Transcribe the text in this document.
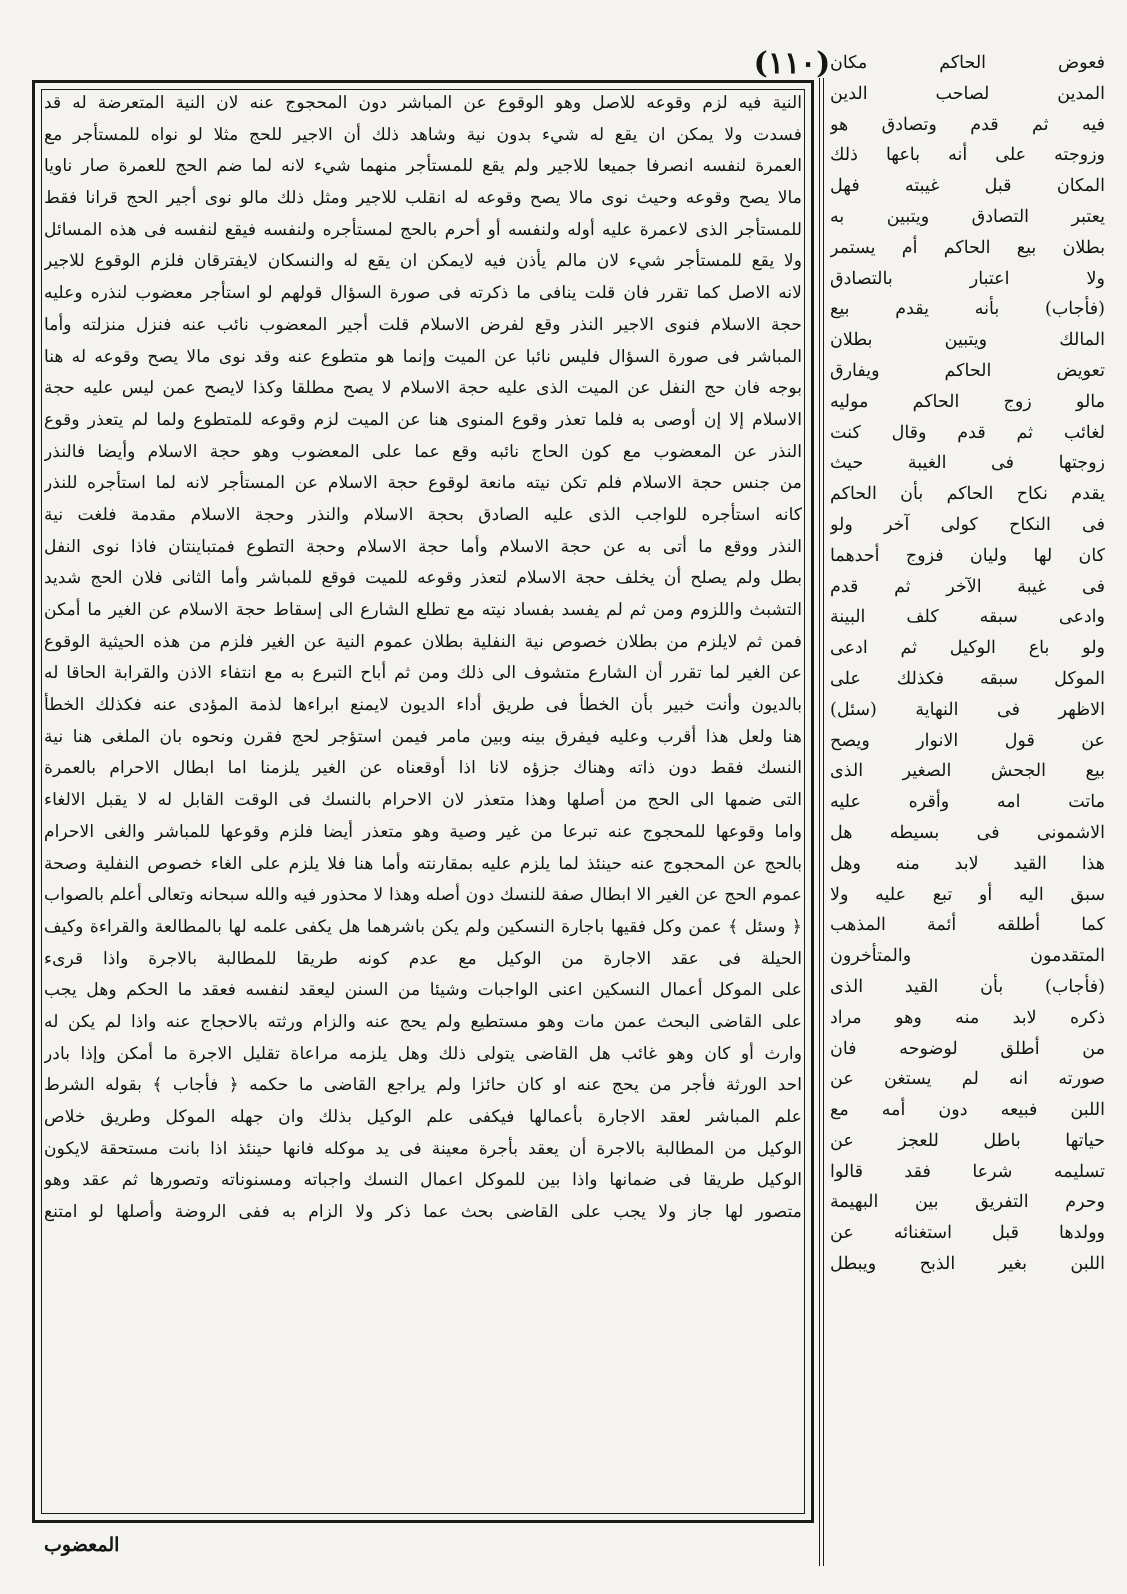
(١١٠)
النية فيه لزم وقوعه للاصل وهو الوقوع عن المباشر دون المحجوج عنه لان النية المتعرضة له قد
فسدت ولا يمكن ان يقع له شيء بدون نية وشاهد ذلك أن الاجير للحج مثلا لو نواه للمستأجر مع
العمرة لنفسه انصرفا جميعا للاجير ولم يقع للمستأجر منهما شيء لانه لما ضم الحج للعمرة صار ناويا
مالا يصح وقوعه وحيث نوى مالا يصح وقوعه له انقلب للاجير ومثل ذلك مالو نوى أجير الحج قرانا فقط
للمستأجر الذى لاعمرة عليه أوله ولنفسه أو أحرم بالحج لمستأجره ولنفسه فيقع لنفسه فى هذه المسائل
ولا يقع للمستأجر شيء لان مالم يأذن فيه لايمكن ان يقع له والنسكان لايفترقان فلزم الوقوع للاجير
لانه الاصل كما تقرر فان قلت ينافى ما ذكرته فى صورة السؤال قولهم لو استأجر معضوب لنذره وعليه
حجة الاسلام فنوى الاجير النذر وقع لفرض الاسلام قلت أجير المعضوب نائب عنه فنزل منزلته وأما
المباشر فى صورة السؤال فليس نائبا عن الميت وإنما هو متطوع عنه وقد نوى مالا يصح وقوعه له هنا
بوجه فان حج النفل عن الميت الذى عليه حجة الاسلام لا يصح مطلقا وكذا لايصح عمن ليس عليه حجة
الاسلام إلا إن أوصى به فلما تعذر وقوع المنوى هنا عن الميت لزم وقوعه للمتطوع ولما لم يتعذر وقوع
النذر عن المعضوب مع كون الحاج نائبه وقع عما على المعضوب وهو حجة الاسلام وأيضا فالنذر
من جنس حجة الاسلام فلم تكن نيته مانعة لوقوع حجة الاسلام عن المستأجر لانه لما استأجره للنذر
كانه استأجره للواجب الذى عليه الصادق بحجة الاسلام والنذر وحجة الاسلام مقدمة فلغت نية
النذر ووقع ما أتى به عن حجة الاسلام وأما حجة الاسلام وحجة التطوع فمتباينتان فاذا نوى النفل
بطل ولم يصلح أن يخلف حجة الاسلام لتعذر وقوعه للميت فوقع للمباشر وأما الثانى فلان الحج شديد
التشبث واللزوم ومن ثم لم يفسد بفساد نيته مع تطلع الشارع الى إسقاط حجة الاسلام عن الغير ما أمكن
فمن ثم لايلزم من بطلان خصوص نية النفلية بطلان عموم النية عن الغير فلزم من هذه الحيثية الوقوع
عن الغير لما تقرر أن الشارع متشوف الى ذلك ومن ثم أباح التبرع به مع انتفاء الاذن والقرابة الحاقا له
بالديون وأنت خبير بأن الخطأ فى طريق أداء الديون لايمنع ابراءها لذمة المؤدى عنه فكذلك الخطأ
هنا ولعل هذا أقرب وعليه فيفرق بينه وبين مامر فيمن استؤجر لحج فقرن ونحوه بان الملغى هنا نية
النسك فقط دون ذاته وهناك جزؤه لانا اذا أوقعناه عن الغير يلزمنا اما ابطال الاحرام بالعمرة
التى ضمها الى الحج من أصلها وهذا متعذر لان الاحرام بالنسك فى الوقت القابل له لا يقبل الالغاء
واما وقوعها للمحجوج عنه تبرعا من غير وصية وهو متعذر أيضا فلزم وقوعها للمباشر والغى الاحرام
بالحج عن المحجوج عنه حينئذ لما يلزم عليه بمقارنته وأما هنا فلا يلزم على الغاء خصوص النفلية وصحة
عموم الحج عن الغير الا ابطال صفة للنسك دون أصله وهذا لا محذور فيه والله سبحانه وتعالى أعلم بالصواب
﴿ وسئل ﴾ عمن وكل فقيها باجارة النسكين ولم يكن باشرهما هل يكفى علمه لها بالمطالعة والقراءة وكيف
الحيلة فى عقد الاجارة من الوكيل مع عدم كونه طريقا للمطالبة بالاجرة واذا قرىء
على الموكل أعمال النسكين اعنى الواجبات وشيئا من السنن ليعقد لنفسه فعقد ما الحكم وهل يجب
على القاضى البحث عمن مات وهو مستطيع ولم يحج عنه والزام ورثته بالاحجاج عنه واذا لم يكن له
وارث أو كان وهو غائب هل القاضى يتولى ذلك وهل يلزمه مراعاة تقليل الاجرة ما أمكن وإذا بادر
احد الورثة فأجر من يحج عنه او كان حائزا ولم يراجع القاضى ما حكمه ﴿ فأجاب ﴾ بقوله الشرط
علم المباشر لعقد الاجارة بأعمالها فيكفى علم الوكيل بذلك وان جهله الموكل وطريق خلاص
الوكيل من المطالبة بالاجرة أن يعقد بأجرة معينة فى يد موكله فانها حينئذ اذا بانت مستحقة لايكون
الوكيل طريقا فى ضمانها واذا بين للموكل اعمال النسك واجباته ومسنوناته وتصورها ثم عقد وهو
متصور لها جاز ولا يجب على القاضى بحث عما ذكر ولا الزام به ففى الروضة وأصلها لو امتنع
فعوض الحاكم مكان
المدين لصاحب الدين
فيه ثم قدم وتصادق هو
وزوجته على أنه باعها ذلك
المكان قبل غيبته فهل
يعتبر التصادق ويتبين به
بطلان بيع الحاكم أم يستمر
ولا اعتبار بالتصادق
(فأجاب) بأنه يقدم بيع
المالك ويتبين بطلان
تعويض الحاكم ويفارق
مالو زوج الحاكم موليه
لغائب ثم قدم وقال كنت
زوجتها فى الغيبة حيث
يقدم نكاح الحاكم بأن الحاكم
فى النكاح كولى آخر ولو
كان لها وليان فزوج أحدهما
فى غيبة الآخر ثم قدم
وادعى سبقه كلف البينة
ولو باع الوكيل ثم ادعى
الموكل سبقه فكذلك على
الاظهر فى النهاية (سئل)
عن قول الانوار ويصح
بيع الجحش الصغير الذى
ماتت امه وأقره عليه
الاشمونى فى بسيطه هل
هذا القيد لابد منه وهل
سبق اليه أو تبع عليه ولا
كما أطلقه أئمة المذهب
المتقدمون والمتأخرون
(فأجاب) بأن القيد الذى
ذكره لابد منه وهو مراد
من أطلق لوضوحه فان
صورته انه لم يستغن عن
اللبن فبيعه دون أمه مع
حياتها باطل للعجز عن
تسليمه شرعا فقد قالوا
وحرم التفريق بين البهيمة
وولدها قبل استغنائه عن
اللبن بغير الذبح ويبطل
المعضوب
